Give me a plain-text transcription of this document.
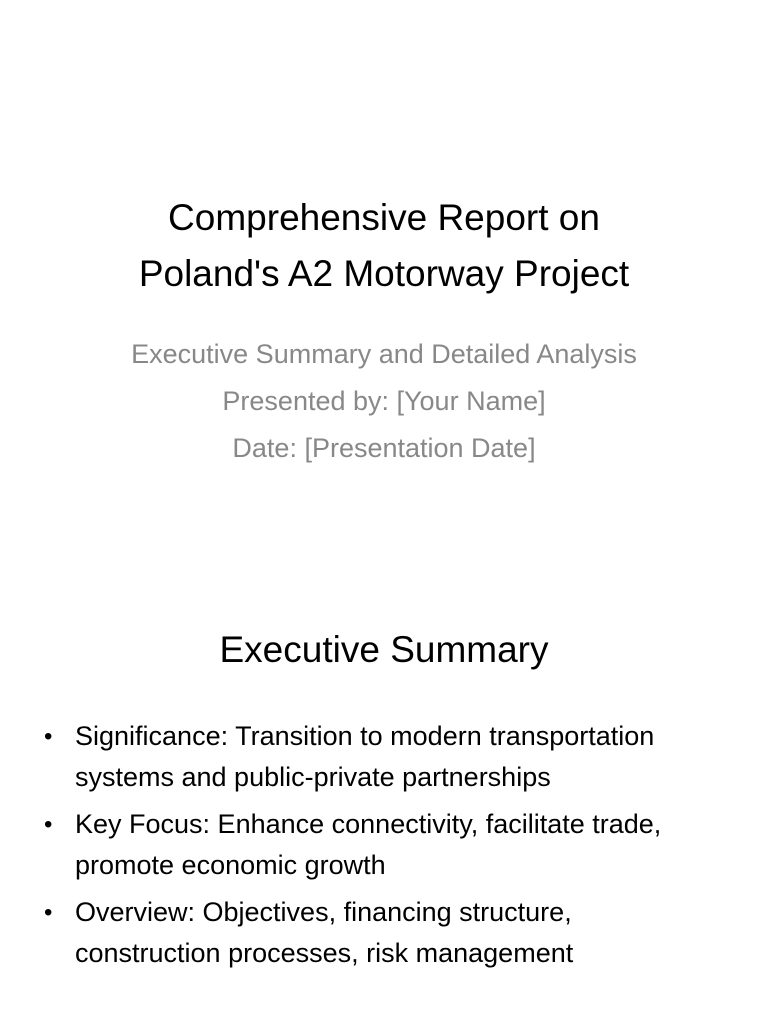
Comprehensive Report on
Poland's A2 Motorway Project
Executive Summary and Detailed Analysis
Presented by: [Your Name]
Date: [Presentation Date]
Executive Summary
• Significance: Transition to modern transportation systems and public-private partnerships
• Key Focus: Enhance connectivity, facilitate trade, promote economic growth
• Overview: Objectives, financing structure, construction processes, risk management
